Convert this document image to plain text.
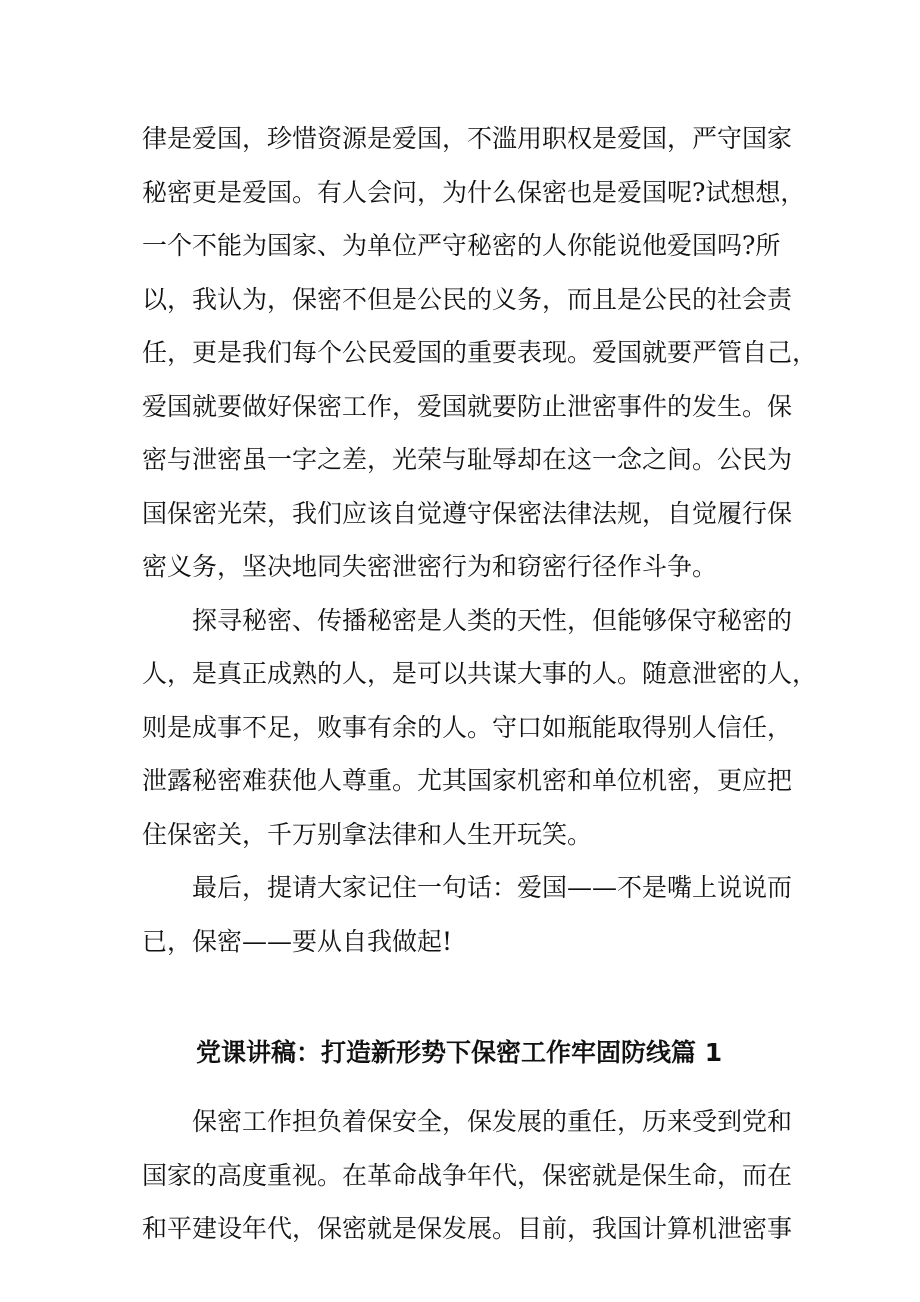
律是爱国，珍惜资源是爱国，不滥用职权是爱国，严守国家
秘密更是爱国。有人会问，为什么保密也是爱国呢?试想想，
一个不能为国家、为单位严守秘密的人你能说他爱国吗?所
以，我认为，保密不但是公民的义务，而且是公民的社会责
任，更是我们每个公民爱国的重要表现。爱国就要严管自己，
爱国就要做好保密工作，爱国就要防止泄密事件的发生。保
密与泄密虽一字之差，光荣与耻辱却在这一念之间。公民为
国保密光荣，我们应该自觉遵守保密法律法规，自觉履行保
密义务，坚决地同失密泄密行为和窃密行径作斗争。
探寻秘密、传播秘密是人类的天性，但能够保守秘密的
人，是真正成熟的人，是可以共谋大事的人。随意泄密的人，
则是成事不足，败事有余的人。守口如瓶能取得别人信任，
泄露秘密难获他人尊重。尤其国家机密和单位机密，更应把
住保密关，千万别拿法律和人生开玩笑。
最后，提请大家记住一句话：爱国——不是嘴上说说而
已，保密——要从自我做起!
党课讲稿：打造新形势下保密工作牢固防线篇 1
保密工作担负着保安全，保发展的重任，历来受到党和
国家的高度重视。在革命战争年代，保密就是保生命，而在
和平建设年代，保密就是保发展。目前，我国计算机泄密事
